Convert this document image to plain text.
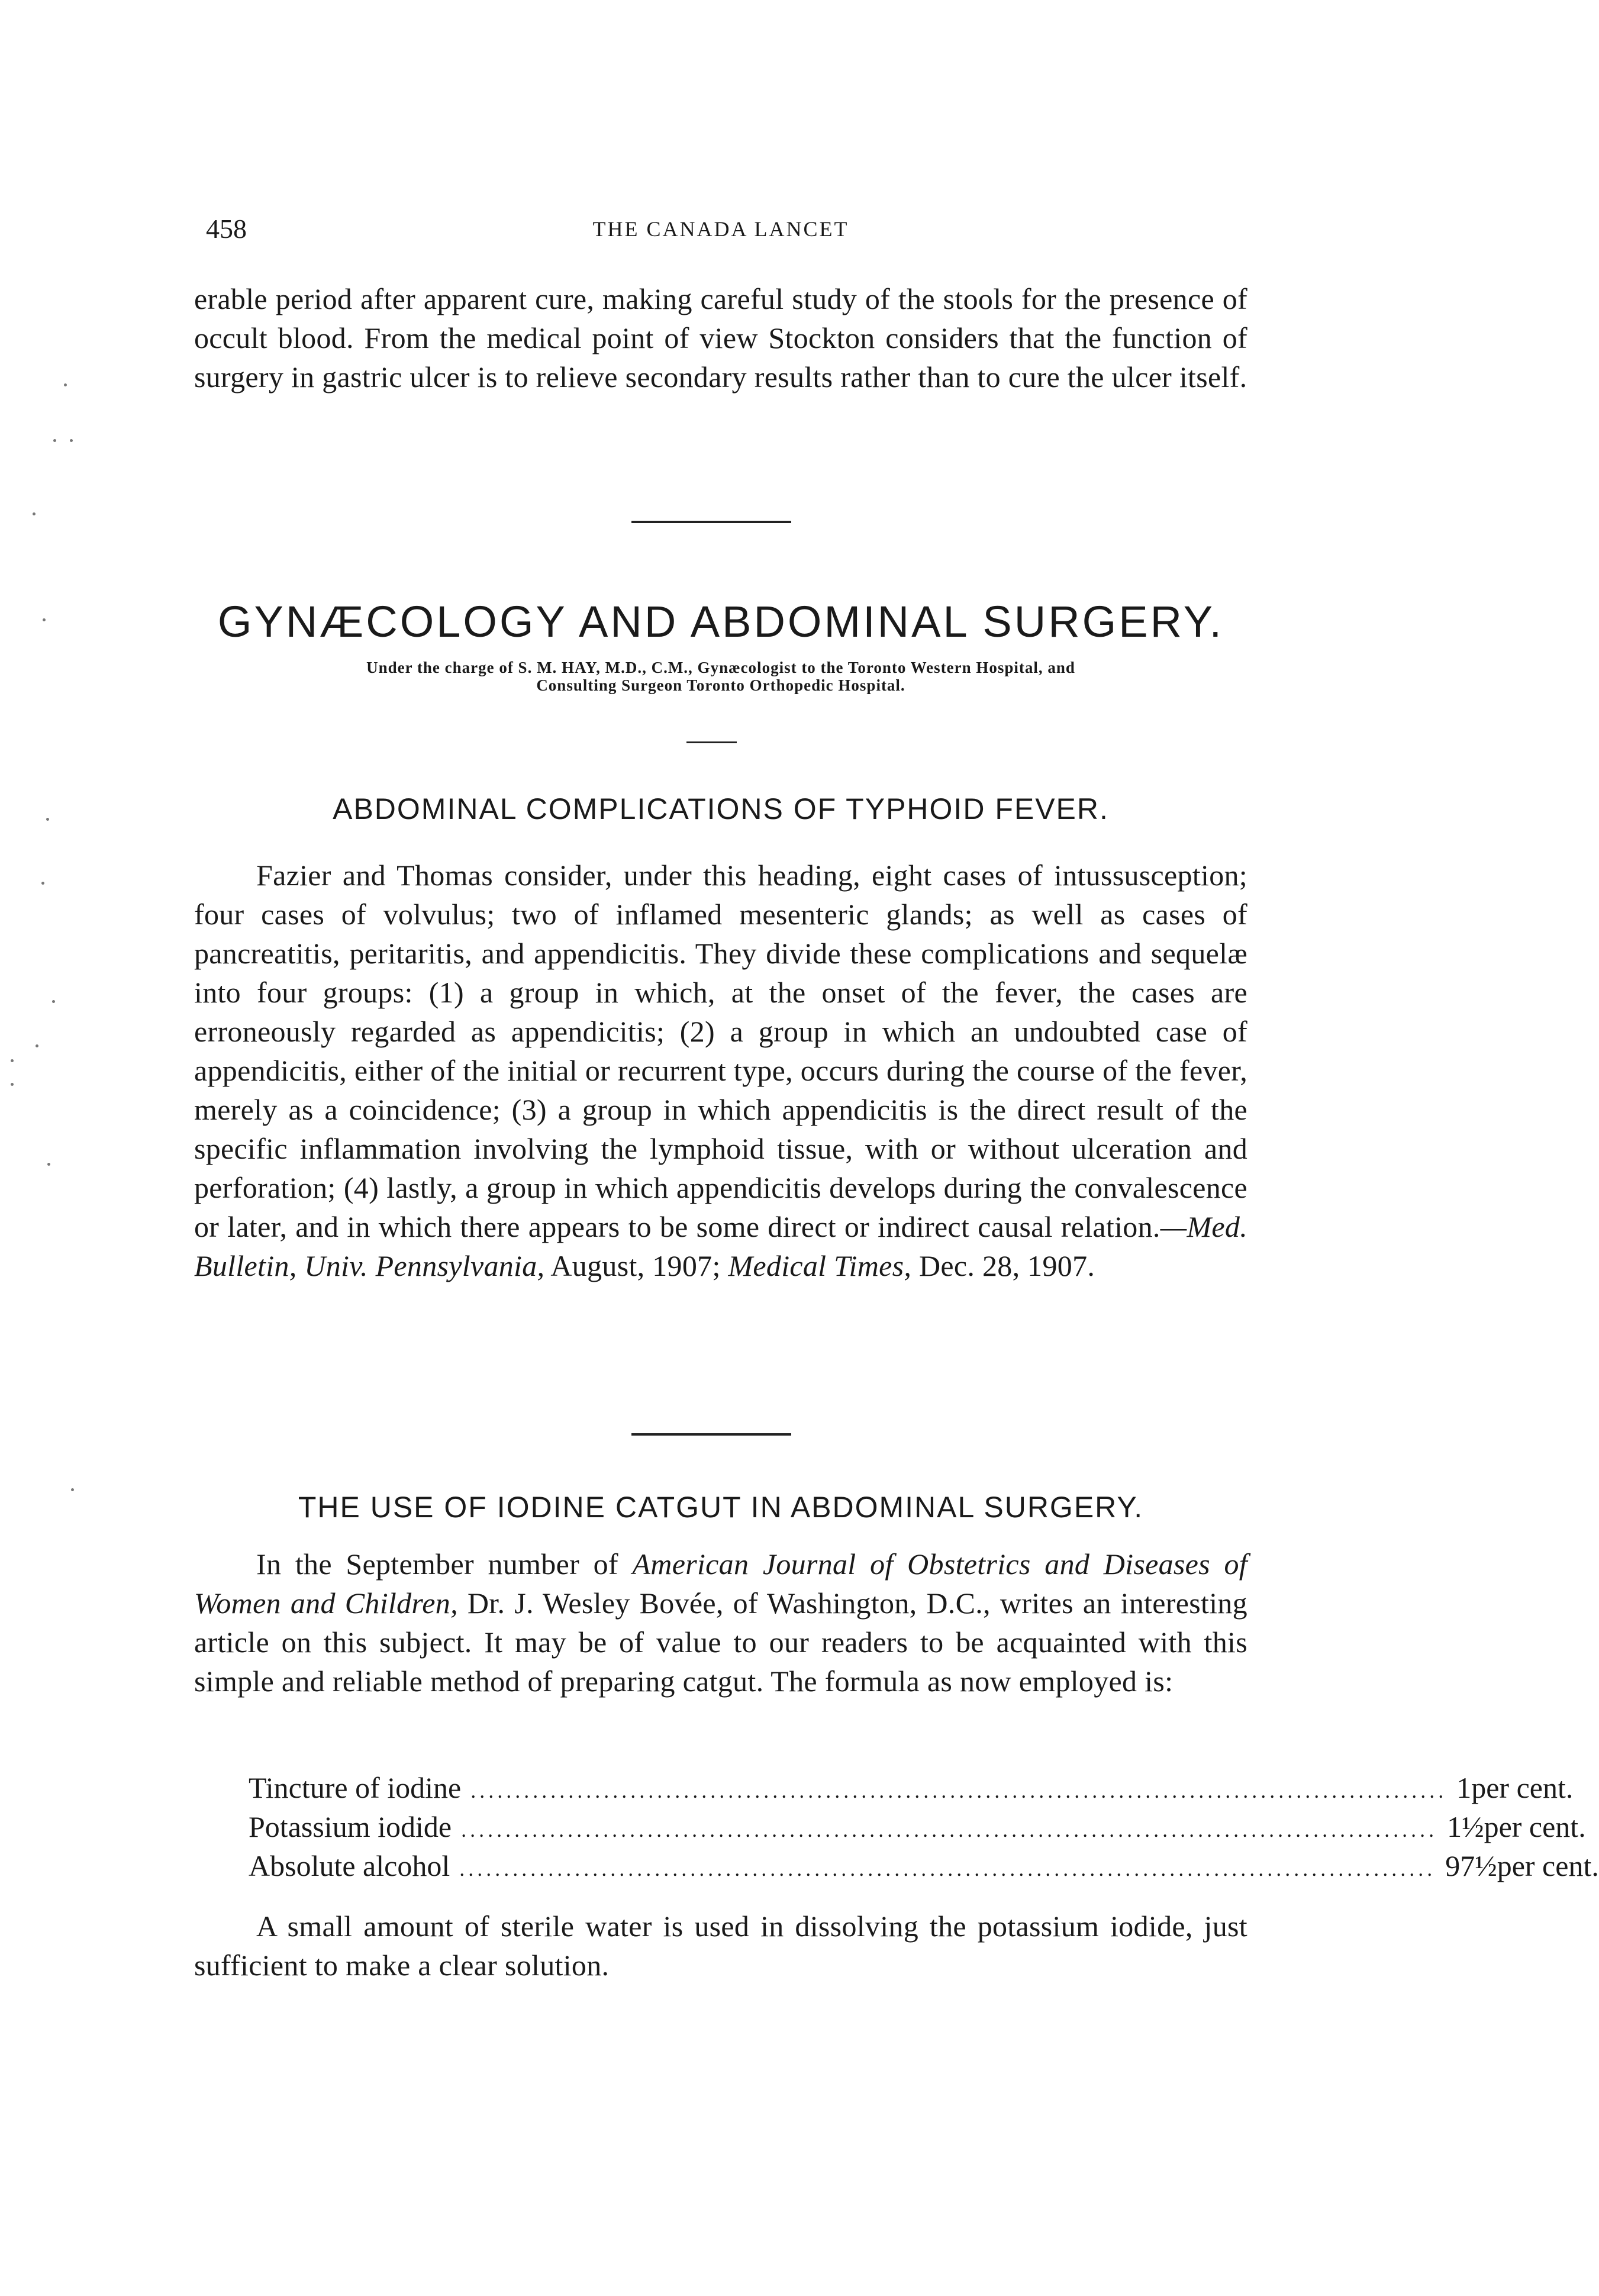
458	THE CANADA LANCET

erable period after apparent cure, making careful study of the stools for the presence of occult blood. From the medical point of view Stockton considers that the function of surgery in gastric ulcer is to relieve secondary results rather than to cure the ulcer itself.

GYNÆCOLOGY AND ABDOMINAL SURGERY.
Under the charge of S. M. HAY, M.D., C.M., Gynæcologist to the Toronto Western Hospital, and
Consulting Surgeon Toronto Orthopedic Hospital.
ABDOMINAL COMPLICATIONS OF TYPHOID FEVER.

Fazier and Thomas consider, under this heading, eight cases of intussusception; four cases of volvulus; two of inflamed mesenteric glands; as well as cases of pancreatitis, peritaritis, and appendicitis. They divide these complications and sequelæ into four groups: (1) a group in which, at the onset of the fever, the cases are erroneously regarded as appendicitis; (2) a group in which an undoubted case of appendicitis, either of the initial or recurrent type, occurs during the course of the fever, merely as a coincidence; (3) a group in which appendicitis is the direct result of the specific inflammation involving the lymphoid tissue, with or without ulceration and perforation; (4) lastly, a group in which appendicitis develops during the convalescence or later, and in which there appears to be some direct or indirect causal relation.—Med. Bulletin, Univ. Pennsylvania, August, 1907; Medical Times, Dec. 28, 1907.

THE USE OF IODINE CATGUT IN ABDOMINAL SURGERY.

In the September number of American Journal of Obstetrics and Diseases of Women and Children, Dr. J. Wesley Bovée, of Washington, D.C., writes an interesting article on this subject. It may be of value to our readers to be acquainted with this simple and reliable method of preparing catgut. The formula as now employed is:

Tincture of iodine .............................................................................................................. 1 per cent.
Potassium iodide .............................................................................................................. 1½ per cent.
Absolute alcohol .............................................................................................................. 97½ per cent.

A small amount of sterile water is used in dissolving the potassium iodide, just sufficient to make a clear solution.
